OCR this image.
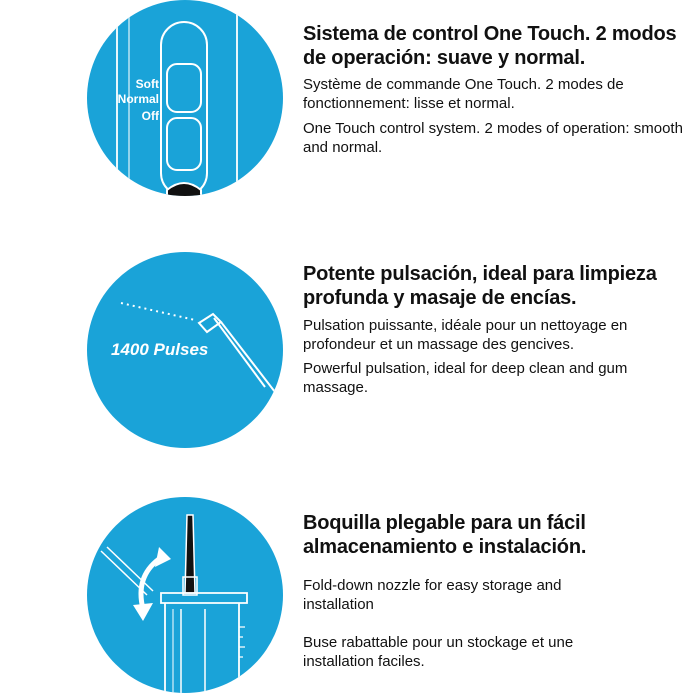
Soft
Normal
Off

Sistema de control One Touch. 2 modos de operación: suave y normal.

Système de commande One Touch. 2 modes de fonctionnement: lisse et normal.

One Touch control system. 2 modes of operation: smooth and normal.

1400 Pulses

Potente pulsación, ideal para limpieza profunda y masaje de encías.

Pulsation puissante, idéale pour un nettoyage en profondeur et un massage des gencives.

Powerful pulsation, ideal for deep clean and gum massage.

Boquilla plegable para un fácil almacenamiento e instalación.

Fold-down nozzle for easy storage and installation

Buse rabattable pour un stockage et une installation faciles.
